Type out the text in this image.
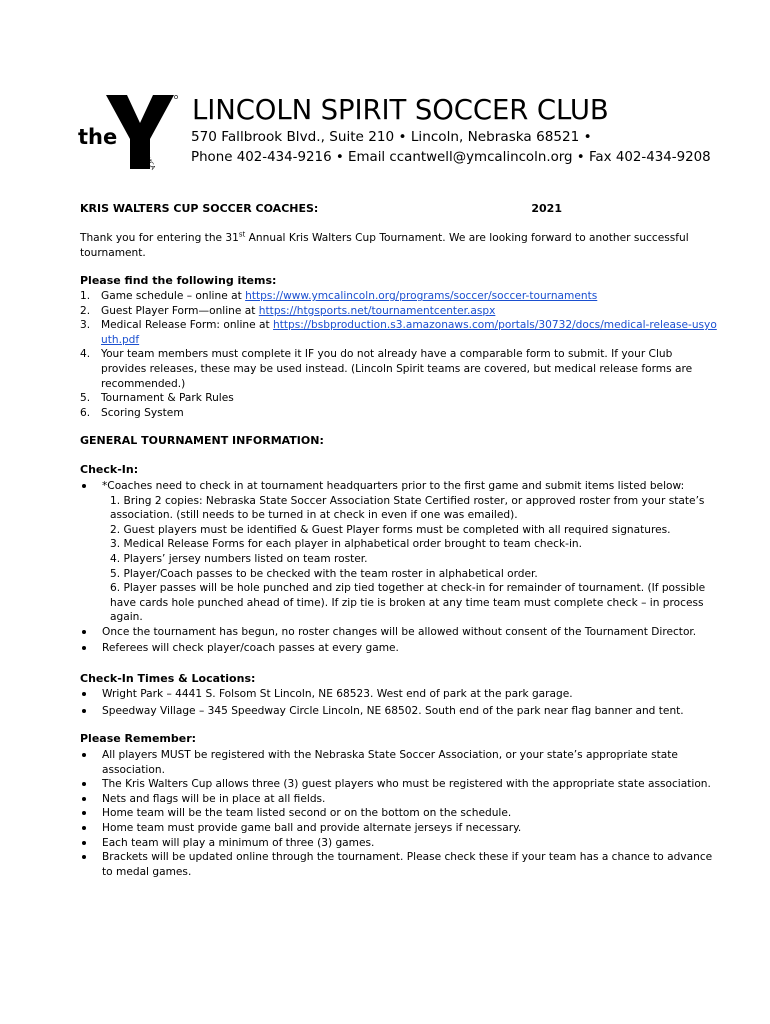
the
YMCA
LINCOLN SPIRIT SOCCER CLUB
570 Fallbrook Blvd., Suite 210 • Lincoln, Nebraska 68521 •
Phone 402-434-9216 • Email ccantwell@ymcalincoln.org • Fax 402-434-9208
KRIS WALTERS CUP SOCCER COACHES:	2021
Thank you for entering the 31st Annual Kris Walters Cup Tournament. We are looking forward to another successful tournament.
Please find the following items:
1. Game schedule – online at https://www.ymcalincoln.org/programs/soccer/soccer-tournaments
2. Guest Player Form—online at https://htgsports.net/tournamentcenter.aspx
3. Medical Release Form: online at https://bsbproduction.s3.amazonaws.com/portals/30732/docs/medical-release-usyouth.pdf
4. Your team members must complete it IF you do not already have a comparable form to submit. If your Club provides releases, these may be used instead. (Lincoln Spirit teams are covered, but medical release forms are recommended.)
5. Tournament & Park Rules
6. Scoring System
GENERAL TOURNAMENT INFORMATION:
Check-In:
*Coaches need to check in at tournament headquarters prior to the first game and submit items listed below:
1. Bring 2 copies: Nebraska State Soccer Association State Certified roster, or approved roster from your state’s association. (still needs to be turned in at check in even if one was emailed).
2. Guest players must be identified & Guest Player forms must be completed with all required signatures.
3. Medical Release Forms for each player in alphabetical order brought to team check-in.
4. Players’ jersey numbers listed on team roster.
5. Player/Coach passes to be checked with the team roster in alphabetical order.
6. Player passes will be hole punched and zip tied together at check-in for remainder of tournament. (If possible have cards hole punched ahead of time). If zip tie is broken at any time team must complete check – in process again.
Once the tournament has begun, no roster changes will be allowed without consent of the Tournament Director.
Referees will check player/coach passes at every game.
Check-In Times & Locations:
Wright Park – 4441 S. Folsom St Lincoln, NE 68523. West end of park at the park garage.
Speedway Village – 345 Speedway Circle Lincoln, NE 68502. South end of the park near flag banner and tent.
Please Remember:
All players MUST be registered with the Nebraska State Soccer Association, or your state’s appropriate state association.
The Kris Walters Cup allows three (3) guest players who must be registered with the appropriate state association.
Nets and flags will be in place at all fields.
Home team will be the team listed second or on the bottom on the schedule.
Home team must provide game ball and provide alternate jerseys if necessary.
Each team will play a minimum of three (3) games.
Brackets will be updated online through the tournament. Please check these if your team has a chance to advance to medal games.
